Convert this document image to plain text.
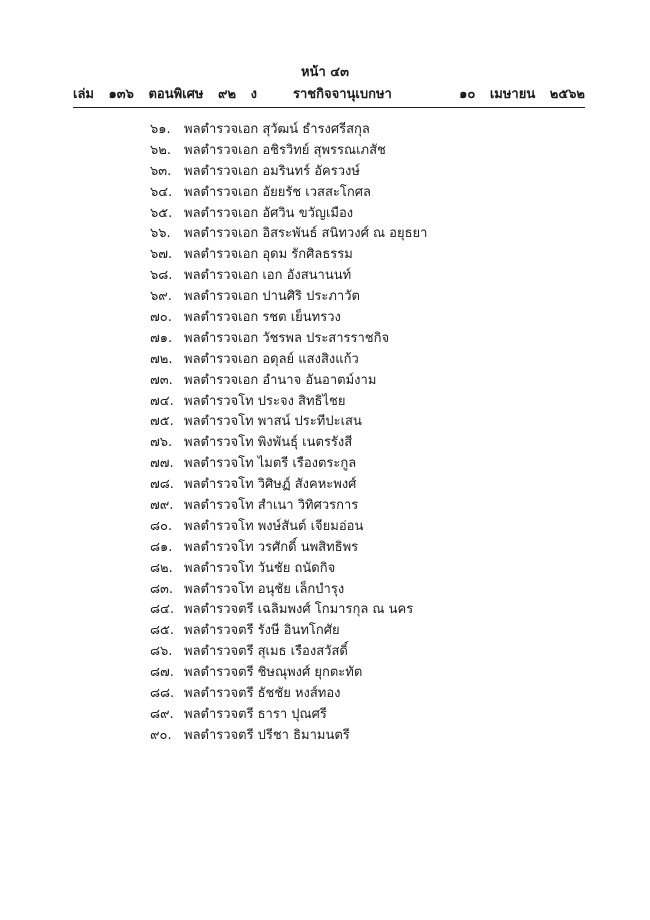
หน้า ๔๓
เล่ม ๑๓๖ ตอนพิเศษ ๙๒ ง	ราชกิจจานุเบกษา	๑๐ เมษายน ๒๕๖๒
๖๑. พลตำรวจเอก สุวัฒน์ ธำรงศรีสกุล
๖๒. พลตำรวจเอก อชิรวิทย์ สุพรรณเภสัช
๖๓. พลตำรวจเอก อมรินทร์ อัครวงษ์
๖๔. พลตำรวจเอก อัยยรัช เวสสะโกศล
๖๕. พลตำรวจเอก อัศวิน ขวัญเมือง
๖๖. พลตำรวจเอก อิสระพันธ์ สนิทวงศ์ ณ อยุธยา
๖๗. พลตำรวจเอก อุดม รักศิลธรรม
๖๘. พลตำรวจเอก เอก อังสนานนท์
๖๙. พลตำรวจเอก ปานศิริ ประภาวัต
๗๐. พลตำรวจเอก รชต เย็นทรวง
๗๑. พลตำรวจเอก วัชรพล ประสารราชกิจ
๗๒. พลตำรวจเอก อดุลย์ แสงสิงแก้ว
๗๓. พลตำรวจเอก อำนาจ อันอาตม์งาม
๗๔. พลตำรวจโท ประจง สิทธิไชย
๗๕. พลตำรวจโท พาสน์ ประทีปะเสน
๗๖. พลตำรวจโท พิงพันธุ์ เนตรรังสี
๗๗. พลตำรวจโท ไมตรี เรืองตระกูล
๗๘. พลตำรวจโท วิศิษฏ์ สังคหะพงศ์
๗๙. พลตำรวจโท สำเนา วิทิศวรการ
๘๐. พลตำรวจโท พงษ์สันต์ เจียมอ่อน
๘๑. พลตำรวจโท วรศักดิ์ นพสิทธิพร
๘๒. พลตำรวจโท วันชัย ถนัดกิจ
๘๓. พลตำรวจโท อนุชัย เล็กบำรุง
๘๔. พลตำรวจตรี เฉลิมพงศ์ โกมารกุล ณ นคร
๘๕. พลตำรวจตรี รังษี อินทโกศัย
๘๖. พลตำรวจตรี สุเมธ เรืองสวัสดิ์
๘๗. พลตำรวจตรี ชิษณุพงศ์ ยุกตะทัต
๘๘. พลตำรวจตรี ธัชชัย หงส์ทอง
๘๙. พลตำรวจตรี ธารา ปุณศรี
๙๐. พลตำรวจตรี ปรีชา ธิมามนตรี
